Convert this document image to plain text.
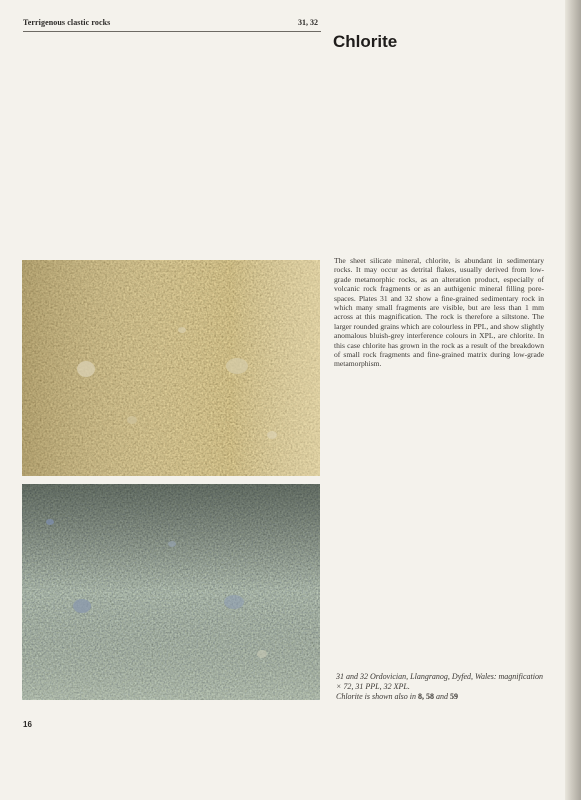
Terrigenous clastic rocks	31, 32
Chlorite
The sheet silicate mineral, chlorite, is abundant in sedimentary rocks. It may occur as detrital flakes, usually derived from low-grade metamorphic rocks, as an alteration product, especially of volcanic rock fragments or as an authigenic mineral filling pore-spaces. Plates 31 and 32 show a fine-grained sedimentary rock in which many small fragments are visible, but are less than 1 mm across at this magnification. The rock is therefore a siltstone. The larger rounded grains which are colourless in PPL, and show slightly anomalous bluish-grey interference colours in XPL, are chlorite. In this case chlorite has grown in the rock as a result of the breakdown of small rock fragments and fine-grained matrix during low-grade metamorphism.
31 and 32 Ordovician, Llangranog, Dyfed, Wales: magnification × 72, 31 PPL, 32 XPL.
Chlorite is shown also in 8, 58 and 59
16
